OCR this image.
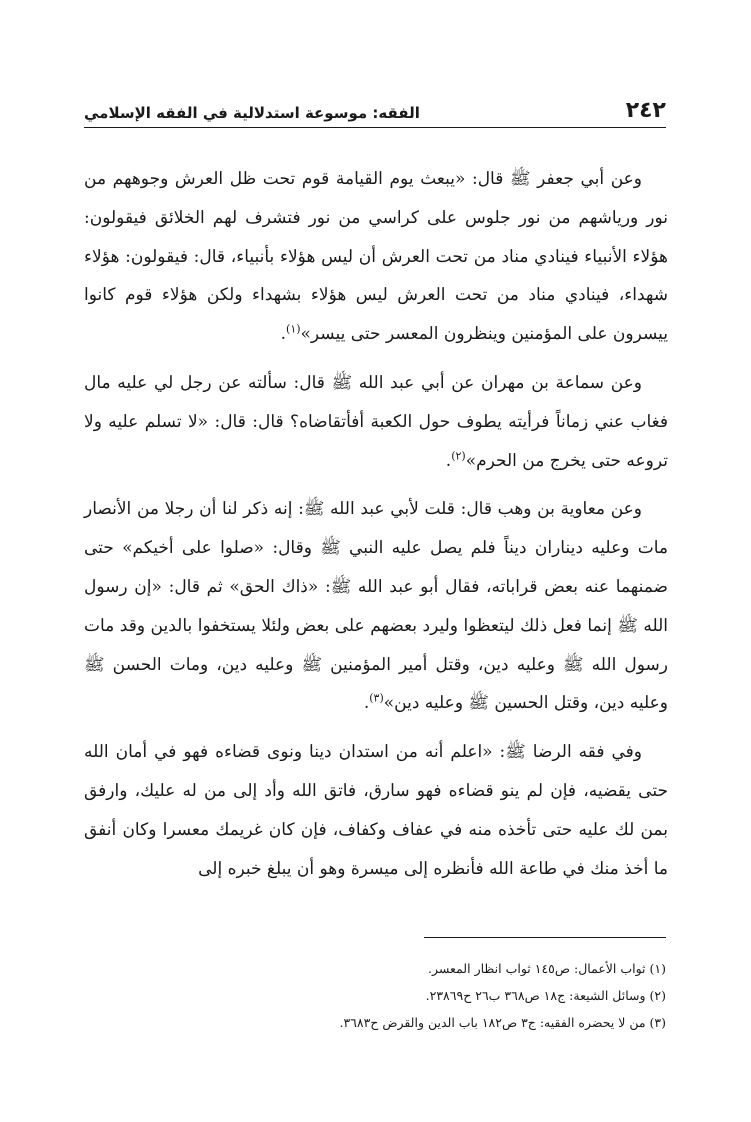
٢٤٢
الفقه: موسوعة استدلالية في الفقه الإسلامي

وعن أبي جعفر ﷺ قال: «يبعث يوم القيامة قوم تحت ظل العرش وجوههم من نور ورياشهم من نور جلوس على كراسي من نور فتشرف لهم الخلائق فيقولون: هؤلاء الأنبياء فينادي مناد من تحت العرش أن ليس هؤلاء بأنبياء، قال: فيقولون: هؤلاء شهداء، فينادي مناد من تحت العرش ليس هؤلاء بشهداء ولكن هؤلاء قوم كانوا ييسرون على المؤمنين وينظرون المعسر حتى ييسر»$^{(١)}$.

وعن سماعة بن مهران عن أبي عبد الله ﷺ قال: سألته عن رجل لي عليه مال فغاب عني زماناً فرأيته يطوف حول الكعبة أفأتقاضاه؟ قال: قال: «لا تسلم عليه ولا تروعه حتى يخرج من الحرم»$^{(٢)}$.

وعن معاوية بن وهب قال: قلت لأبي عبد الله ﷺ: إنه ذكر لنا أن رجلا من الأنصار مات وعليه ديناران ديناً فلم يصل عليه النبي ﷺ وقال: «صلوا على أخيكم» حتى ضمنهما عنه بعض قراباته، فقال أبو عبد الله ﷺ: «ذاك الحق» ثم قال: «إن رسول الله ﷺ إنما فعل ذلك ليتعظوا وليرد بعضهم على بعض ولئلا يستخفوا بالدين وقد مات رسول الله ﷺ وعليه دين، وقتل أمير المؤمنين ﷺ وعليه دين، ومات الحسن ﷺ وعليه دين، وقتل الحسين ﷺ وعليه دين»$^{(٣)}$.

وفي فقه الرضا ﷺ: «اعلم أنه من استدان دينا ونوى قضاءه فهو في أمان الله حتى يقضيه، فإن لم ينو قضاءه فهو سارق، فاتق الله وأد إلى من له عليك، وارفق بمن لك عليه حتى تأخذه منه في عفاف وكفاف، فإن كان غريمك معسرا وكان أنفق ما أخذ منك في طاعة الله فأنظره إلى ميسرة وهو أن يبلغ خبره إلى

(١) ثواب الأعمال: ص١٤٥ ثواب انظار المعسر.

(٢) وسائل الشيعة: ج١٨ ص٣٦٨ ب٢٦ ح٢٣٨٦٩.

(٣) من لا يحضره الفقيه: ج٣ ص١٨٢ باب الدين والقرض ح٣٦٨٣.
